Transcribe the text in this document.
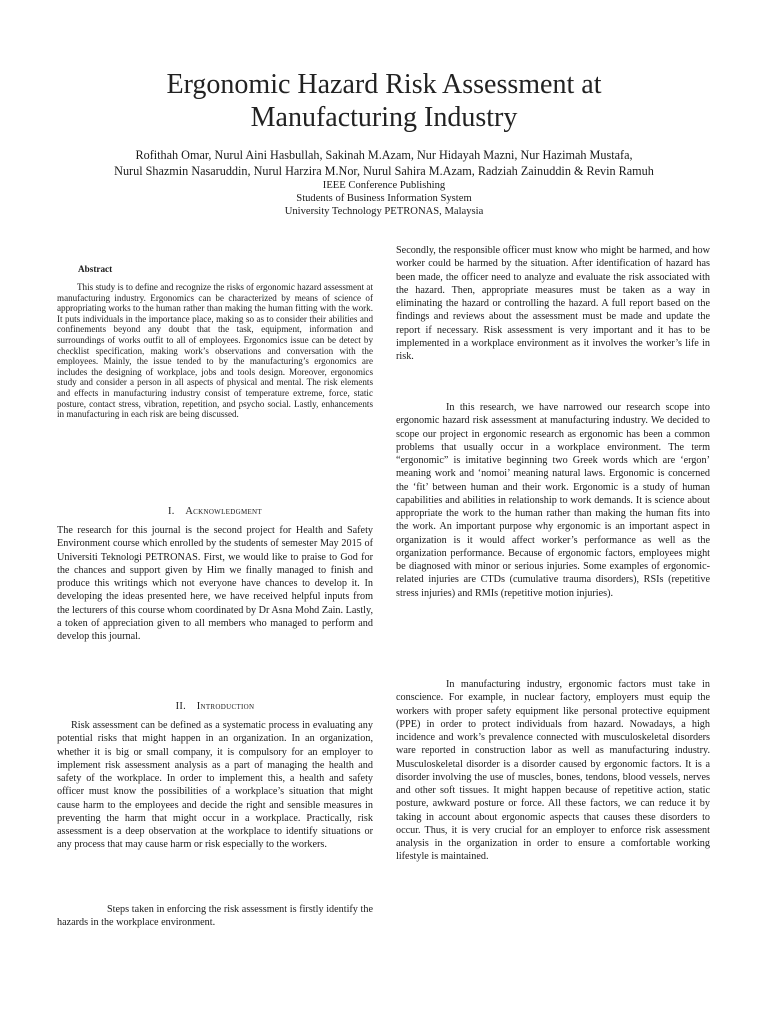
Ergonomic Hazard Risk Assessment at
Manufacturing Industry
Rofithah Omar, Nurul Aini Hasbullah, Sakinah M.Azam, Nur Hidayah Mazni, Nur Hazimah Mustafa,
Nurul Shazmin Nasaruddin, Nurul Harzira M.Nor, Nurul Sahira M.Azam, Radziah Zainuddin & Revin Ramuh
IEEE Conference Publishing
Students of Business Information System
University Technology PETRONAS, Malaysia
Abstract

This study is to define and recognize the risks of ergonomic hazard assessment at manufacturing industry. Ergonomics can be characterized by means of science of appropriating works to the human rather than making the human fitting with the work. It puts individuals in the importance place, making so as to consider their abilities and confinements beyond any doubt that the task, equipment, information and surroundings of works outfit to all of employees. Ergonomics issue can be detect by checklist specification, making work’s observations and conversation with the employees. Mainly, the issue tended to by the manufacturing’s ergonomics are includes the designing of workplace, jobs and tools design. Moreover, ergonomics study and consider a person in all aspects of physical and mental. The risk elements and effects in manufacturing industry consist of temperature extreme, force, static posture, contact stress, vibration, repetition, and psycho social. Lastly, enhancements in manufacturing in each risk are being discussed.

I. Acknowledgment

The research for this journal is the second project for Health and Safety Environment course which enrolled by the students of semester May 2015 of Universiti Teknologi PETRONAS. First, we would like to praise to God for the chances and support given by Him we finally managed to finish and produce this writings which not everyone have chances to develop it. In developing the ideas presented here, we have received helpful inputs from the lecturers of this course whom coordinated by Dr Asna Mohd Zain. Lastly, a token of appreciation given to all members who managed to perform and develop this journal.

II. Introduction

Risk assessment can be defined as a systematic process in evaluating any potential risks that might happen in an organization. In an organization, whether it is big or small company, it is compulsory for an employer to implement risk assessment analysis as a part of managing the health and safety of the workplace. In order to implement this, a health and safety officer must know the possibilities of a workplace’s situation that might cause harm to the employees and decide the right and sensible measures in preventing the harm that might occur in a workplace. Practically, risk assessment is a deep observation at the workplace to identify situations or any process that may cause harm or risk especially to the workers.

Steps taken in enforcing the risk assessment is firstly identify the hazards in the workplace environment.

Secondly, the responsible officer must know who might be harmed, and how worker could be harmed by the situation. After identification of hazard has been made, the officer need to analyze and evaluate the risk associated with the hazard. Then, appropriate measures must be taken as a way in eliminating the hazard or controlling the hazard. A full report based on the findings and reviews about the assessment must be made and update the report if necessary. Risk assessment is very important and it has to be implemented in a workplace environment as it involves the worker’s life in risk.

In this research, we have narrowed our research scope into ergonomic hazard risk assessment at manufacturing industry. We decided to scope our project in ergonomic research as ergonomic has been a common problems that usually occur in a workplace environment. The term “ergonomic” is imitative beginning two Greek words which are ‘ergon’ meaning work and ‘nomoi’ meaning natural laws. Ergonomic is concerned the ‘fit’ between human and their work. Ergonomic is a study of human capabilities and abilities in relationship to work demands. It is science about appropriate the work to the human rather than making the human fits into the work. An important purpose why ergonomic is an important aspect in organization is it would affect worker’s performance as well as the organization performance. Because of ergonomic factors, employees might be diagnosed with minor or serious injuries. Some examples of ergonomic-related injuries are CTDs (cumulative trauma disorders), RSIs (repetitive stress injuries) and RMIs (repetitive motion injuries).

In manufacturing industry, ergonomic factors must take in conscience. For example, in nuclear factory, employers must equip the workers with proper safety equipment like personal protective equipment (PPE) in order to protect individuals from hazard. Nowadays, a high incidence and work’s prevalence connected with musculoskeletal disorders ware reported in construction labor as well as manufacturing industry. Musculoskeletal disorder is a disorder caused by ergonomic factors. It is a disorder involving the use of muscles, bones, tendons, blood vessels, nerves and other soft tissues. It might happen because of repetitive action, static posture, awkward posture or force. All these factors, we can reduce it by taking in account about ergonomic aspects that causes these disorders to occur. Thus, it is very crucial for an employer to enforce risk assessment analysis in the organization in order to ensure a comfortable working lifestyle is maintained.
